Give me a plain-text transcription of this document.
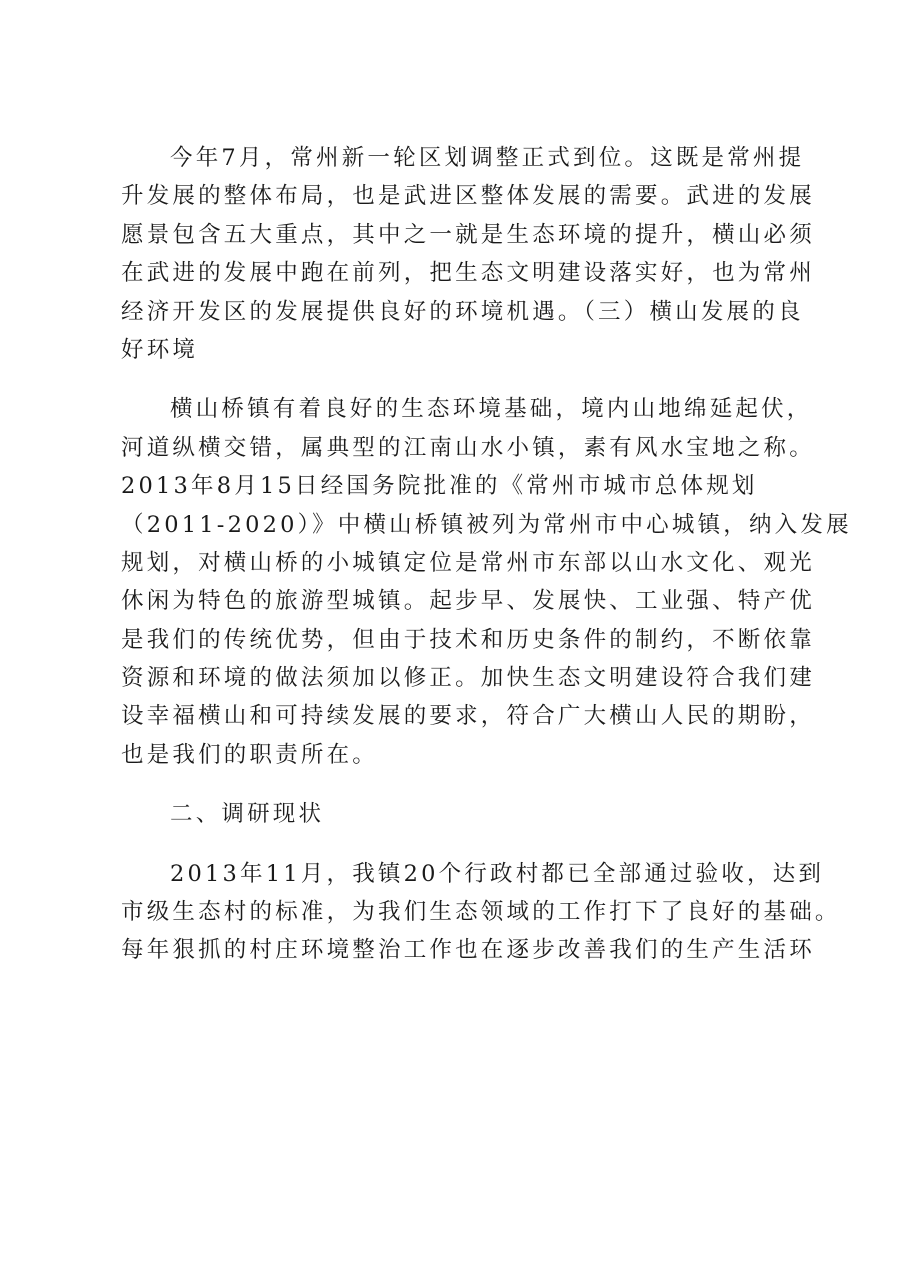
今年7月，常州新一轮区划调整正式到位。这既是常州提
升发展的整体布局，也是武进区整体发展的需要。武进的发展
愿景包含五大重点，其中之一就是生态环境的提升，横山必须
在武进的发展中跑在前列，把生态文明建设落实好，也为常州
经济开发区的发展提供良好的环境机遇。（三）横山发展的良
好环境
横山桥镇有着良好的生态环境基础，境内山地绵延起伏，
河道纵横交错，属典型的江南山水小镇，素有风水宝地之称。
2013年8月15日经国务院批准的《常州市城市总体规划
（2011-2020）》中横山桥镇被列为常州市中心城镇，纳入发展
规划，对横山桥的小城镇定位是常州市东部以山水文化、观光
休闲为特色的旅游型城镇。起步早、发展快、工业强、特产优
是我们的传统优势，但由于技术和历史条件的制约，不断依靠
资源和环境的做法须加以修正。加快生态文明建设符合我们建
设幸福横山和可持续发展的要求，符合广大横山人民的期盼，
也是我们的职责所在。
二、调研现状
2013年11月，我镇20个行政村都已全部通过验收，达到
市级生态村的标准，为我们生态领域的工作打下了良好的基础。
每年狠抓的村庄环境整治工作也在逐步改善我们的生产生活环
